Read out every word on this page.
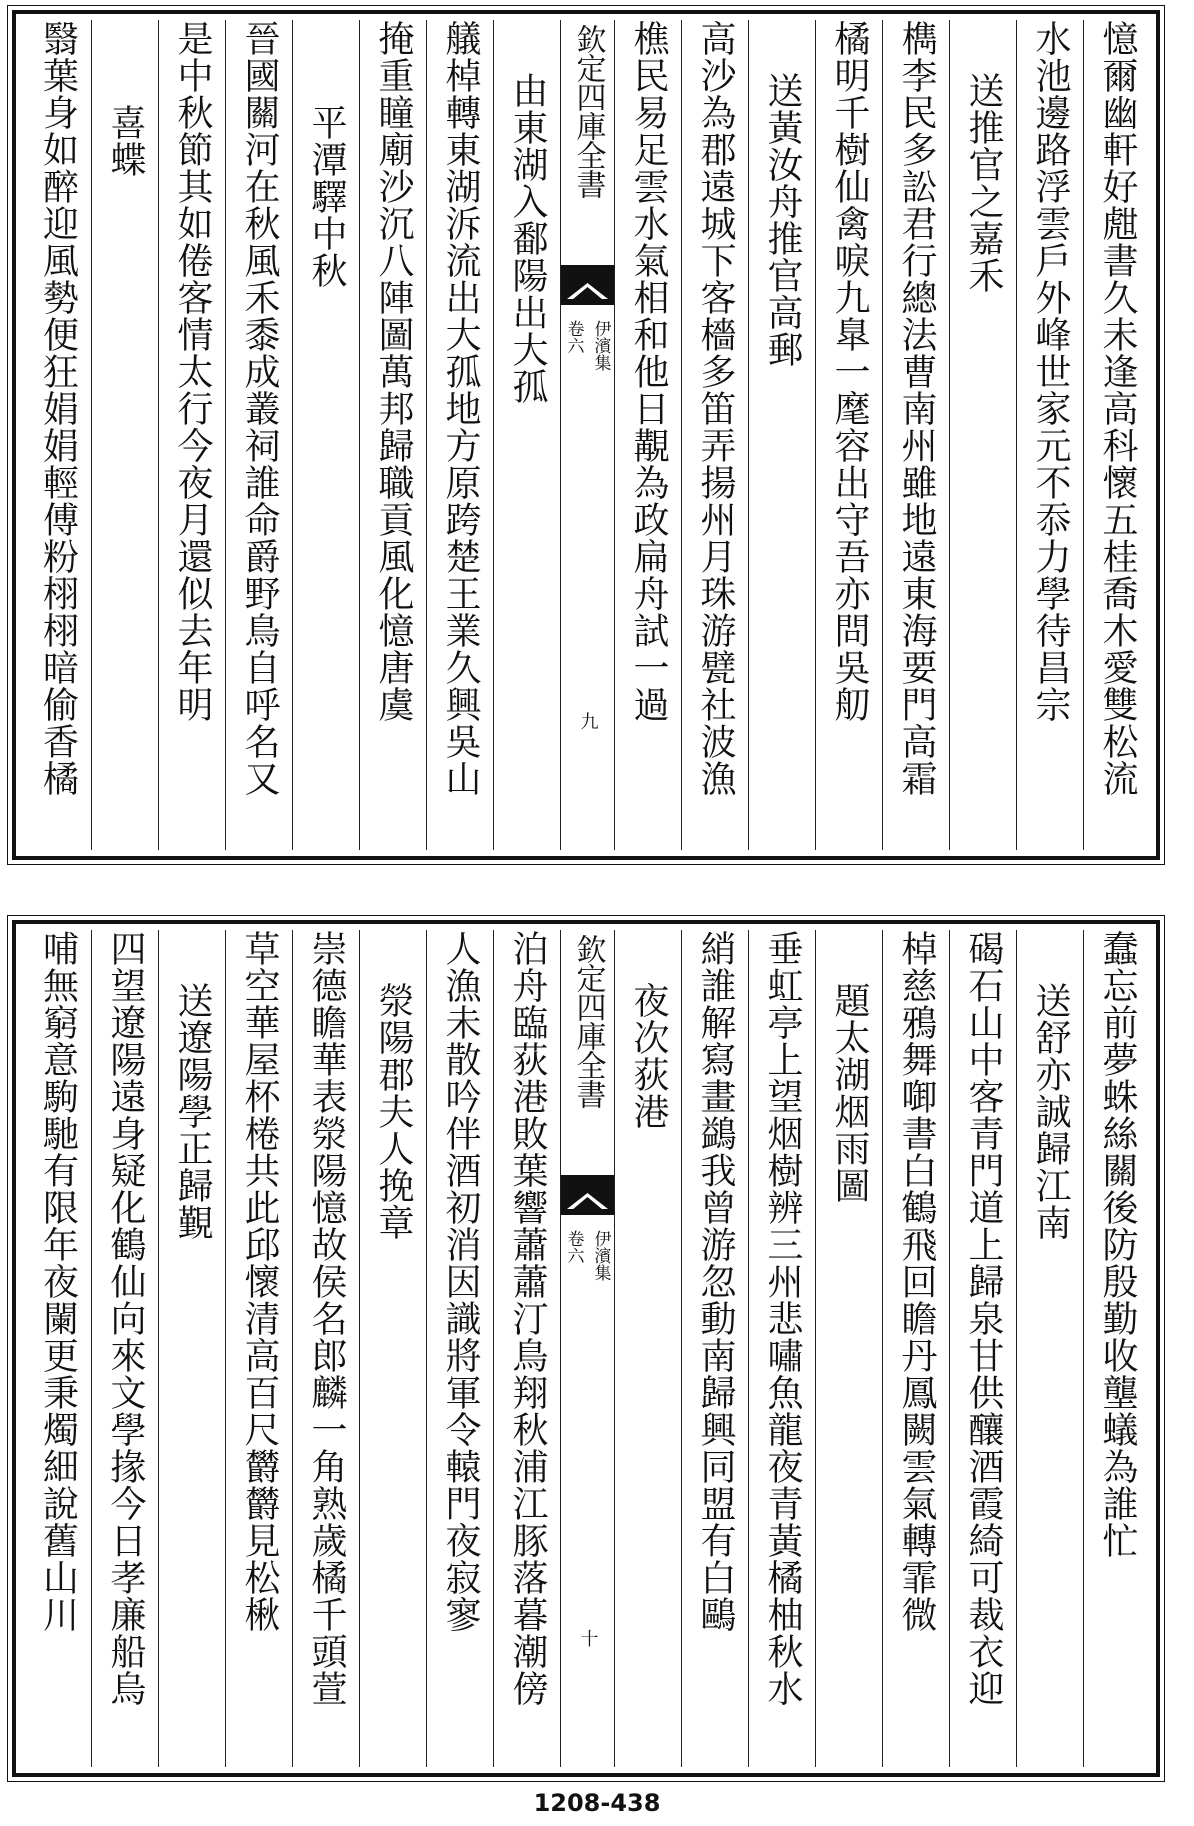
憶爾幽軒好甝書久未逢高科懷五桂喬木愛雙松流
水池邊路浮雲戶外峰世家元不忝力學待昌宗
送推官之嘉禾
檇李民多訟君行總法曹南州雖地遠東海要門高霜
橘明千樹仙禽唳九臯一麾容出守吾亦問吳舠
送黃汝舟推官高郵
高沙為郡遠城下客檣多笛弄揚州月珠游甓社波漁
樵民易足雲水氣相和他日覯為政扁舟試一過
欽定四庫全書
伊濱集
卷六
九
由東湖入鄱陽出大孤
艤棹轉東湖泝流出大孤地方原跨楚王業久興吳山
掩重瞳廟沙沉八陣圖萬邦歸職貢風化憶唐虞
平潭驛中秋
晉國關河在秋風禾黍成叢祠誰命爵野鳥自呼名又
是中秋節其如倦客情太行今夜月還似去年明
喜蝶
翳葉身如醉迎風勢便狂娟娟輕傅粉栩栩暗偷香橘
蠢忘前夢蛛絲關後防殷勤收壟蟻為誰忙
送舒亦誠歸江南
碣石山中客青門道上歸泉甘供釀酒霞綺可裁衣迎
棹慈鴉舞啣書白鶴飛回瞻丹鳳闕雲氣轉霏微
題太湖烟雨圖
垂虹亭上望烟樹辨三州悲嘯魚龍夜青黃橘柚秋水
綃誰解寫畫鷁我曾游忽動南歸興同盟有白鷗
夜次荻港
欽定四庫全書
伊濱集
卷六
十
泊舟臨荻港敗葉響蕭蕭汀鳥翔秋浦江豚落暮潮傍
人漁未散吟伴酒初消因識將軍令轅門夜寂寥
滎陽郡夫人挽章
崇德瞻華表滎陽憶故侯名郎麟一角熟歲橘千頭萱
草空華屋杯棬共此邱懷清高百尺欝欝見松楸
送遼陽學正歸覲
四望遼陽遠身疑化鶴仙向來文學掾今日孝廉船烏
哺無窮意駒馳有限年夜闌更秉燭細說舊山川
1208-438
